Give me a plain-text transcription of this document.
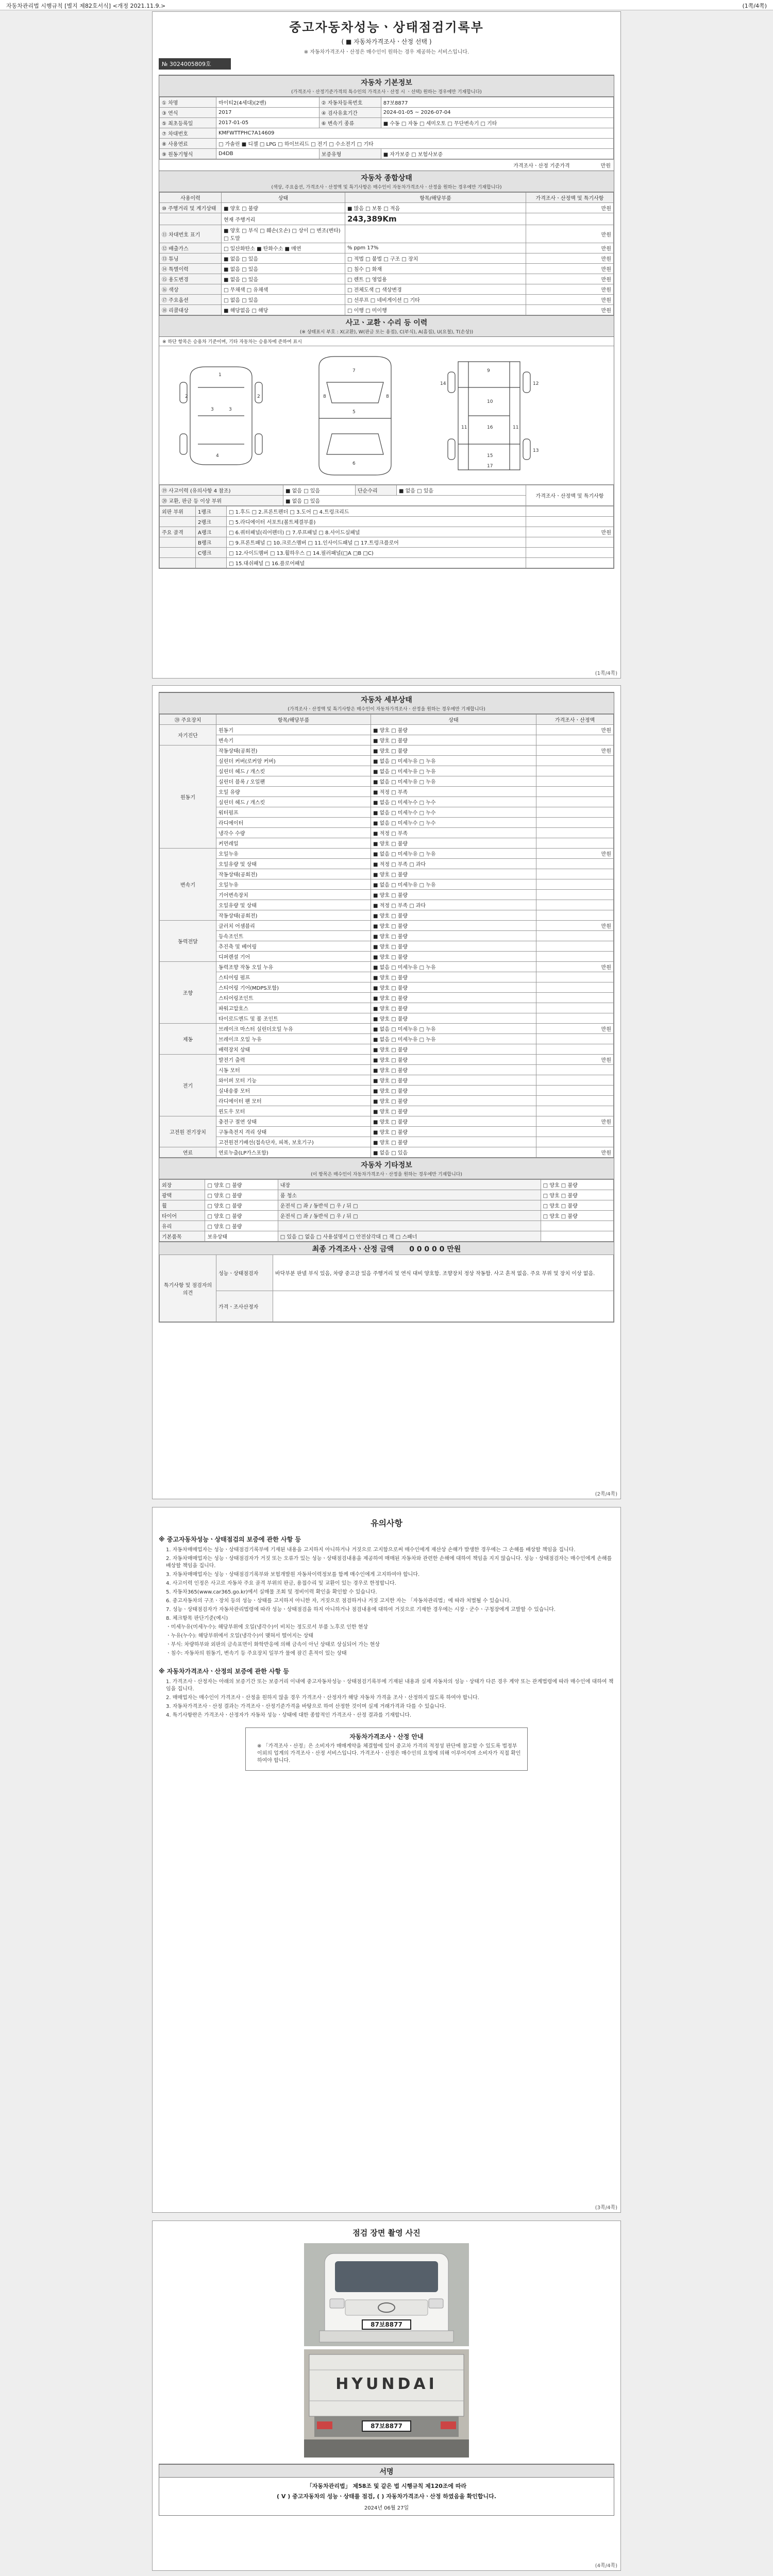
자동차관리법 시행규칙 [별지 제82호서식] <개정 2021.11.9.>	(1쪽/4쪽)
중고자동차성능ㆍ상태점검기록부
( ■ 자동차가격조사ㆍ산정 선택 )
※ 자동차가격조사ㆍ산정은 매수인이 원하는 경우 제공하는 서비스입니다.
№ 3024005809호
자동차 기본정보
(가격조사ㆍ산정기준가격의 특수인의 가격조사ㆍ산정 시 ㆍ선택) 원하는 경우에만 기재합니다)
① 차명	마이티2(4세대)(2밴)	② 자동차등록번호	87보8877
③ 연식	2017	④ 검사유효기간	2024-01-05 ~ 2026-07-04
⑤ 최초등록일	2017-01-05	⑥ 변속기 종류	■ 수동 □ 자동 □ 세미오토 □ 무단변속기 □ 기타
⑦ 차대번호	KMFWTTPHC7A14609		
⑧ 사용연료	□ 가솔린 ■ 디젤 □ LPG □ 하이브리드 □ 전기 □ 수소전기 □ 기타		
⑨ 원동기형식	D4DB	보증유형	■ 자가보증 □ 보험사보증
가격조사ㆍ산정 기준가격	만원
자동차 종합상태
(색상, 주요옵션, 가격조사ㆍ산정액 및 특기사항은 매수인이 자동차가격조사ㆍ산정을 원하는 경우에만 기재합니다)
사용이력	상태	항목/해당부품	가격조사ㆍ산정액 및 특기사항
⑩ 주행거리 및 계기상태	■ 양호 □ 불량	■ 많음 □ 보통 □ 적음	만원
	현재 주행거리	243,389Km	
⑪ 차대번호 표기	■ 양호 □ 부식 □ 훼손(오손) □ 상이 □ 변조(변타) □ 도말		만원
⑫ 배출가스	□ 일산화탄소 ■ 탄화수소 ■ 매연	% ppm 17%	만원
⑬ 튜닝	■ 없음 □ 있음	□ 적법 □ 불법 □ 구조 □ 장치	만원
⑭ 특별이력	■ 없음 □ 있음	□ 침수 □ 화재	만원
⑮ 용도변경	■ 없음 □ 있음	□ 렌트 □ 영업용	만원
⑯ 색상	□ 무채색 □ 유채색	□ 전체도색 □ 색상변경	만원
⑰ 주요옵션	□ 없음 □ 있음	□ 선루프 □ 네비게이션 □ 기타	만원
⑱ 리콜대상	■ 해당없음 □ 해당	□ 이행 □ 미이행	만원
사고ㆍ교환ㆍ수리 등 이력
(※ 상태표시 부호 : X(교환), W(판금 또는 용접), C(부식), A(흠집), U(요철), T(손상))
※ 하단 항목은 승용차 기준이며, 기타 자동차는 승용차에 준하여 표시
1
2	2
3	3
4
7
5
6
8	8
9
10
11	11
16
15
12
13
14
17
⑲ 사고이력 (유의사항 4 참조)	■ 없음 □ 있음	단순수리	■ 없음 □ 있음	가격조사ㆍ산정액 및 특기사항
⑳ 교환, 판금 등 이상 부위	■ 없음 □ 있음			
외판 부위	1랭크	□ 1.후드 □ 2.프론트펜더 □ 3.도어 □ 4.트렁크리드	
	2랭크	□ 5.라디에이터 서포트(볼트체결부품)	
주요 골격	A랭크	□ 6.쿼터패널(리어펜더) □ 7.루프패널 □ 8.사이드실패널	만원
	B랭크	□ 9.프론트패널 □ 10.크로스멤버 □ 11.인사이드패널 □ 17.트렁크플로어	
	C랭크	□ 12.사이드멤버 □ 13.휠하우스 □ 14.필러패널(□A □B □C)	
		□ 15.대쉬패널 □ 16.플로어패널	
(1쪽/4쪽)
자동차 세부상태
(가격조사ㆍ산정액 및 특기사항은 매수인이 자동차가격조사ㆍ산정을 원하는 경우에만 기재합니다)
⑳ 주요장치	항목/해당부품	상태	가격조사ㆍ산정액
자기진단	원동기	■ 양호 □ 불량	만원
	변속기	■ 양호 □ 불량	
원동기	작동상태(공회전)	■ 양호 □ 불량	만원
	실린더 커버(로커암 커버)	■ 없음 □ 미세누유 □ 누유	
	실린더 헤드 / 개스킷	■ 없음 □ 미세누유 □ 누유	
	실린더 블록 / 오일팬	■ 없음 □ 미세누유 □ 누유	
	오일 유량	■ 적정 □ 부족	
	실린더 헤드 / 개스킷	■ 없음 □ 미세누수 □ 누수	
	워터펌프	■ 없음 □ 미세누수 □ 누수	
	라디에이터	■ 없음 □ 미세누수 □ 누수	
	냉각수 수량	■ 적정 □ 부족	
	커먼레일	■ 양호 □ 불량	
변속기	오일누유	■ 없음 □ 미세누유 □ 누유	만원
	오일유량 및 상태	■ 적정 □ 부족 □ 과다	
	작동상태(공회전)	■ 양호 □ 불량	
	오일누유	■ 없음 □ 미세누유 □ 누유	
	기어변속장치	■ 양호 □ 불량	
	오일유량 및 상태	■ 적정 □ 부족 □ 과다	
	작동상태(공회전)	■ 양호 □ 불량	
동력전달	클러치 어셈블리	■ 양호 □ 불량	만원
	등속조인트	■ 양호 □ 불량	
	추진축 및 베어링	■ 양호 □ 불량	
	디퍼렌셜 기어	■ 양호 □ 불량	
조향	동력조향 작동 오일 누유	■ 없음 □ 미세누유 □ 누유	만원
	스티어링 펌프	■ 양호 □ 불량	
	스티어링 기어(MDPS포함)	■ 양호 □ 불량	
	스티어링조인트	■ 양호 □ 불량	
	파워고압호스	■ 양호 □ 불량	
	타이로드엔드 및 볼 조인트	■ 양호 □ 불량	
제동	브레이크 마스터 실린더오일 누유	■ 없음 □ 미세누유 □ 누유	만원
	브레이크 오일 누유	■ 없음 □ 미세누유 □ 누유	
	배력장치 상태	■ 양호 □ 불량	
전기	발전기 출력	■ 양호 □ 불량	만원
	시동 모터	■ 양호 □ 불량	
	와이퍼 모터 기능	■ 양호 □ 불량	
	실내송풍 모터	■ 양호 □ 불량	
	라디에이터 팬 모터	■ 양호 □ 불량	
	윈도우 모터	■ 양호 □ 불량	
고전원 전기장치	충전구 절연 상태	■ 양호 □ 불량	만원
	구동축전지 격리 상태	■ 양호 □ 불량	
	고전원전기배선(접속단자, 피복, 보호기구)	■ 양호 □ 불량	
연료	연료누출(LP가스포함)	■ 없음 □ 있음	만원
자동차 기타정보
(이 항목은 매수인이 자동차가격조사ㆍ산정을 원하는 경우에만 기재합니다)
외장	□ 양호 □ 불량	내장	□ 양호 □ 불량
광택	□ 양호 □ 불량	룸 청소	□ 양호 □ 불량
휠	□ 양호 □ 불량	운전석 □ 좌 / 동반석 □ 우 / 뒤 □	□ 양호 □ 불량
타이어	□ 양호 □ 불량	운전석 □ 좌 / 동반석 □ 우 / 뒤 □	□ 양호 □ 불량
유리	□ 양호 □ 불량		
기본품목	보유상태	□ 있음 □ 없음 □ 사용설명서 □ 안전삼각대 □ 잭 □ 스패너	
최종 가격조사ㆍ산정 금액 0 0 0 0 0 만원
특기사항 및 점검자의 의견	성능ㆍ상태점검자	바닥부분 판넬 부식 있음, 차량 중고감 있음 주행거리 및 연식 대비 양호함. 조향장치 정상 작동함. 사고 흔적 없음. 주요 부위 및 장치 이상 없음.
	가격ㆍ조사산정자	
(2쪽/4쪽)
유의사항
※ 중고자동차성능ㆍ상태점검의 보증에 관한 사항 등

1. 자동차매매업자는 성능ㆍ상태점검기록부에 기재된 내용을 고지하지 아니하거나 거짓으로 고지함으로써 매수인에게 재산상 손해가 발생한 경우에는 그 손해를 배상할 책임을 집니다.

2. 자동차매매업자는 성능ㆍ상태점검자가 거짓 또는 오류가 있는 성능ㆍ상태점검내용을 제공하여 매매된 자동차와 관련한 손해에 대하여 책임을 지지 않습니다. 성능ㆍ상태점검자는 매수인에게 손해를 배상할 책임을 집니다.

3. 자동차매매업자는 성능ㆍ상태점검기록부와 보험개발원 자동차이력정보를 함께 매수인에게 고지하여야 합니다.

4. 사고이력 인정은 사고로 자동차 주요 골격 부위의 판금, 용접수리 및 교환이 있는 경우로 한정합니다.

5. 자동차365(www.car365.go.kr)에서 실매물 조회 및 정비이력 확인을 확인할 수 있습니다.

6. 중고자동차의 구조ㆍ장치 등의 성능ㆍ상태를 고지하지 아니한 자, 거짓으로 점검하거나 거짓 고지한 자는 「자동차관리법」에 따라 처벌될 수 있습니다.

7. 성능ㆍ상태점검자가 자동차관리법령에 따라 성능ㆍ상태점검을 하지 아니하거나 점검내용에 대하여 거짓으로 기재한 경우에는 시장ㆍ군수ㆍ구청장에게 고발할 수 있습니다.

8. 체크항목 판단기준(예시)

ㆍ미세누유(미세누수): 해당부위에 오일(냉각수)이 비치는 정도로서 부품 노후로 인한 현상

ㆍ누유(누수): 해당부위에서 오일(냉각수)이 맺혀서 떨어지는 상태

ㆍ부식: 차량하부와 외판의 금속표면이 화학반응에 의해 금속이 아닌 상태로 상실되어 가는 현상

ㆍ침수: 자동차의 원동기, 변속기 등 주요장치 일부가 물에 잠긴 흔적이 있는 상태

※ 자동차가격조사ㆍ산정의 보증에 관한 사항 등

1. 가격조사ㆍ산정자는 아래의 보증기간 또는 보증거리 이내에 중고자동차성능ㆍ상태점검기록부에 기재된 내용과 실제 자동차의 성능ㆍ상태가 다른 경우 계약 또는 관계법령에 따라 매수인에 대하여 책임을 집니다.

2. 매매업자는 매수인이 가격조사ㆍ산정을 원하지 않을 경우 가격조사ㆍ산정자가 해당 자동차 가격을 조사ㆍ산정하지 않도록 하여야 합니다.

3. 자동차가격조사ㆍ산정 결과는 가격조사ㆍ산정기준가격을 바탕으로 하여 산정한 것이며 실제 거래가격과 다를 수 있습니다.

4. 특기사항란은 가격조사ㆍ산정자가 자동차 성능ㆍ상태에 대한 종합적인 가격조사ㆍ산정 결과를 기재합니다.

자동차가격조사ㆍ산정 안내

※ 「가격조사ㆍ산정」은 소비자가 매매계약을 체결함에 있어 중고차 가격의 적정성 판단에 참고할 수 있도록 법정부 이외의 업계의 가격조사ㆍ산정 서비스입니다. 가격조사ㆍ산정은 매수인의 요청에 의해 이루어지며 소비자가 직접 확인하여야 합니다.

(3쪽/4쪽)
점검 장면 촬영 사진
87보8877
HYUNDAI
87보8877
서명
「자동차관리법」 제58조 및 같은 법 시행규칙 제120조에 따라
( V ) 중고자동차의 성능ㆍ상태를 점검, ( ) 자동차가격조사ㆍ산정 하였음을 확인합니다.
2024년 06월 27일
(4쪽/4쪽)
